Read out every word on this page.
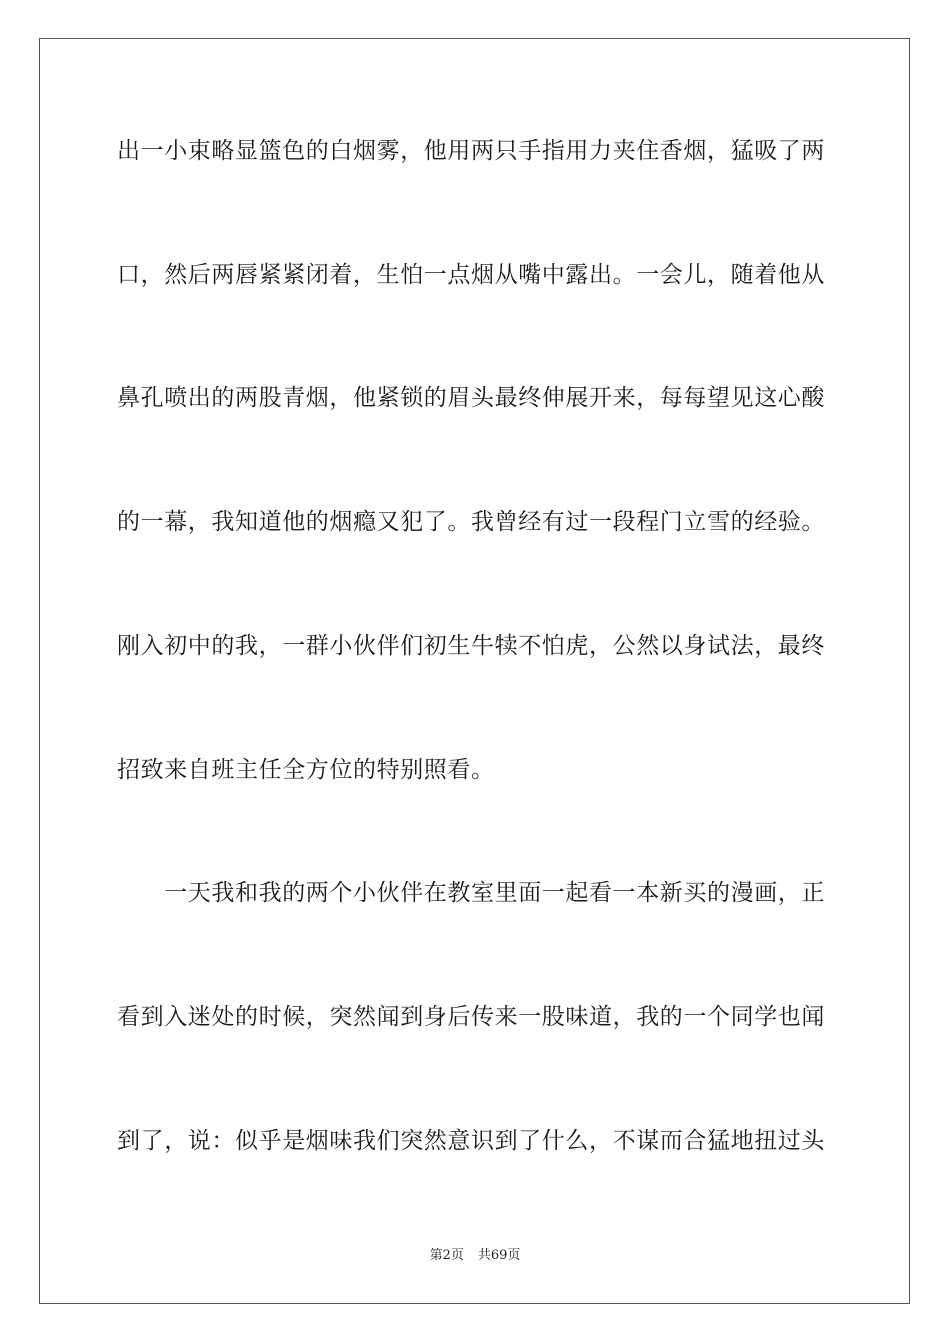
出一小束略显篮色的白烟雾，他用两只手指用力夹住香烟，猛吸了两
口，然后两唇紧紧闭着，生怕一点烟从嘴中露出。一会儿，随着他从
鼻孔喷出的两股青烟，他紧锁的眉头最终伸展开来，每每望见这心酸
的一幕，我知道他的烟瘾又犯了。我曾经有过一段程门立雪的经验。
刚入初中的我，一群小伙伴们初生牛犊不怕虎，公然以身试法，最终
招致来自班主任全方位的特别照看。
　　一天我和我的两个小伙伴在教室里面一起看一本新买的漫画，正
看到入迷处的时候，突然闻到身后传来一股味道，我的一个同学也闻
到了，说：似乎是烟味我们突然意识到了什么，不谋而合猛地扭过头
第2页 共69页
